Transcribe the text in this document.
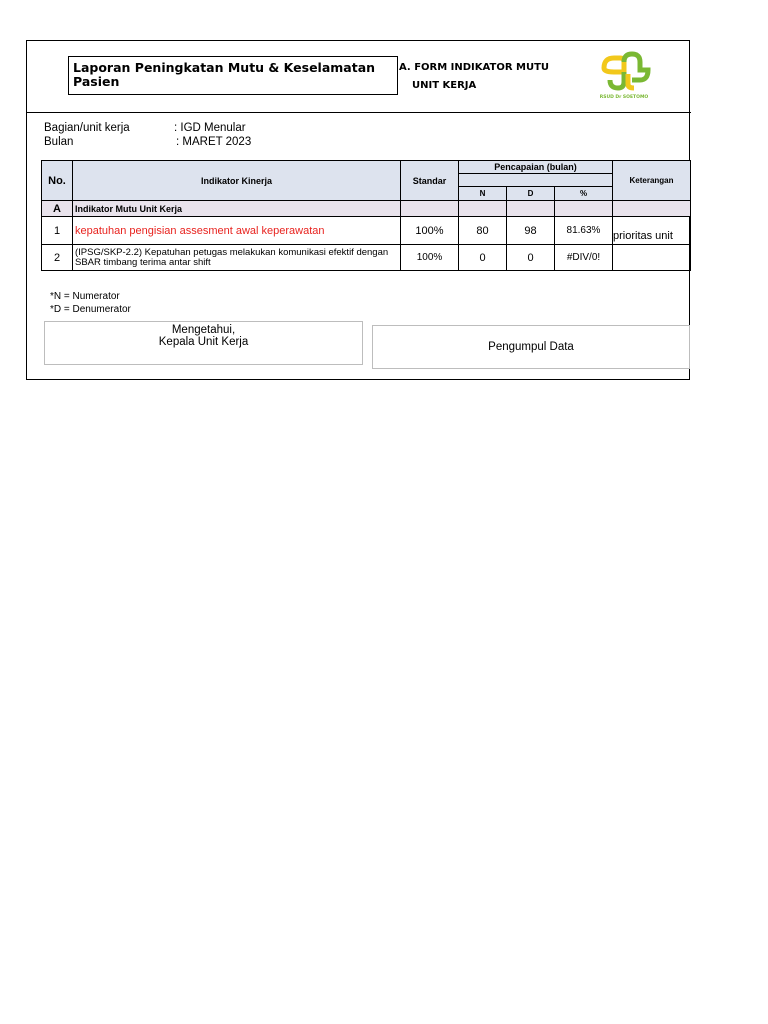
Laporan Peningkatan Mutu & Keselamatan Pasien
A. FORM INDIKATOR MUTU
UNIT KERJA
RSUD Dr SOETOMO
Bagian/unit kerja	: IGD Menular
Bulan	: MARET 2023
No.	Indikator Kinerja	Standar	Pencapaian (bulan)			Keterangan

			N	D	%	
A	Indikator Mutu Unit Kerja					
1	kepatuhan pengisian assesment awal keperawatan	100%	80	98	81.63%	prioritas unit
2	(IPSG/SKP-2.2) Kepatuhan petugas melakukan komunikasi efektif dengan SBAR timbang terima antar shift	100%	0	0	#DIV/0!	
*N = Numerator
*D = Denumerator
Mengetahui,
Kepala Unit Kerja	Pengumpul Data
